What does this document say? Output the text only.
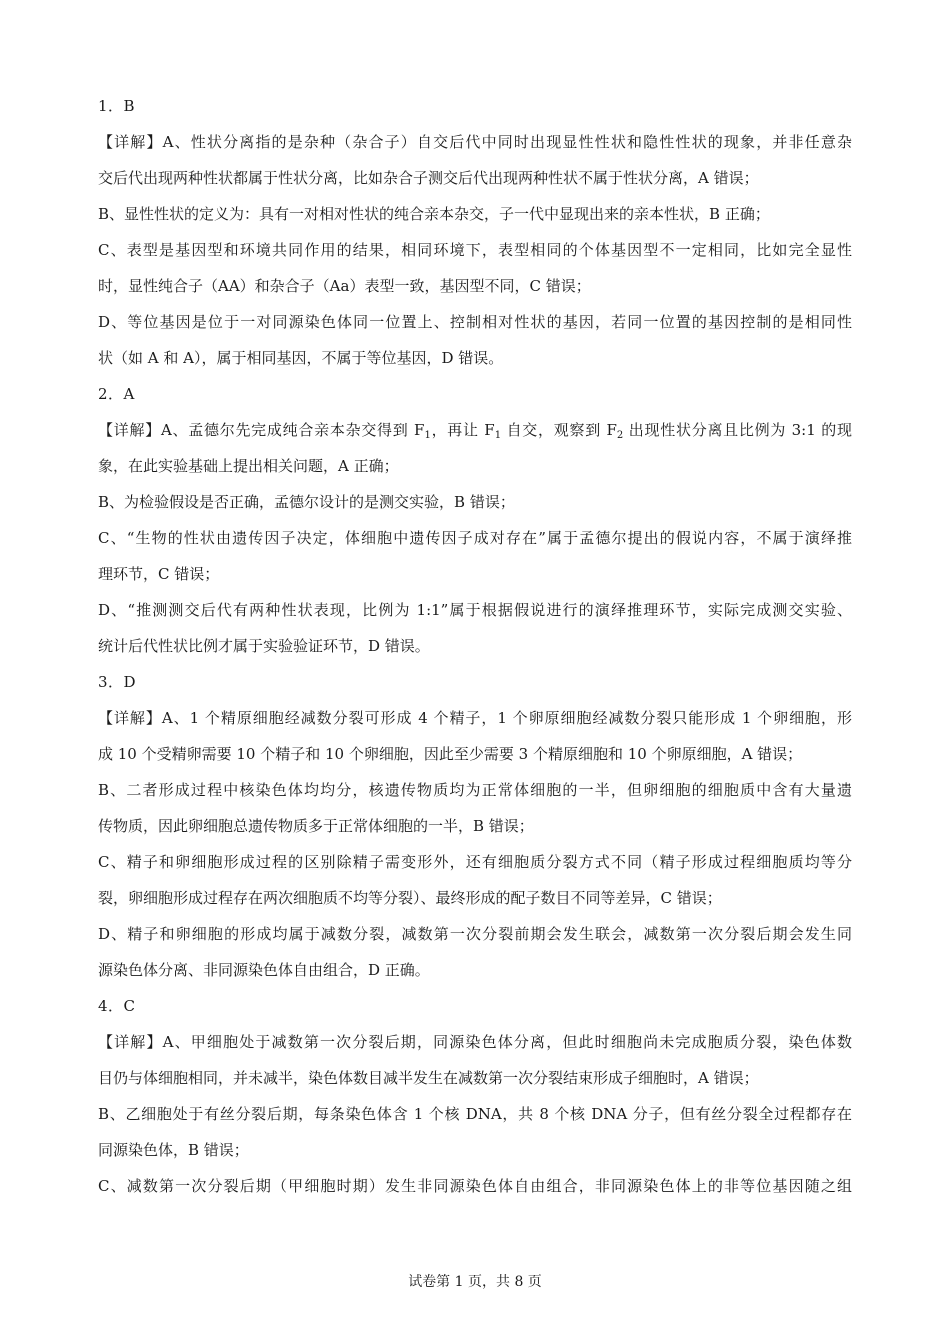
1．B
【详解】A、性状分离指的是杂种（杂合子）自交后代中同时出现显性性状和隐性性状的现象，并非任意杂
交后代出现两种性状都属于性状分离，比如杂合子测交后代出现两种性状不属于性状分离，A 错误；
B、显性性状的定义为：具有一对相对性状的纯合亲本杂交，子一代中显现出来的亲本性状，B 正确；
C、表型是基因型和环境共同作用的结果，相同环境下，表型相同的个体基因型不一定相同，比如完全显性
时，显性纯合子（AA）和杂合子（Aa）表型一致，基因型不同，C 错误；
D、等位基因是位于一对同源染色体同一位置上、控制相对性状的基因，若同一位置的基因控制的是相同性
状（如 A 和 A），属于相同基因，不属于等位基因，D 错误。
2．A
【详解】A、孟德尔先完成纯合亲本杂交得到 $F_1$，再让 $F_1$ 自交，观察到 $F_2$ 出现性状分离且比例为 3:1 的现
象，在此实验基础上提出相关问题，A 正确；
B、为检验假设是否正确，孟德尔设计的是测交实验，B 错误；
C、“生物的性状由遗传因子决定，体细胞中遗传因子成对存在”属于孟德尔提出的假说内容，不属于演绎推
理环节，C 错误；
D、“推测测交后代有两种性状表现，比例为 1:1”属于根据假说进行的演绎推理环节，实际完成测交实验、
统计后代性状比例才属于实验验证环节，D 错误。
3．D
【详解】A、1 个精原细胞经减数分裂可形成 4 个精子，1 个卵原细胞经减数分裂只能形成 1 个卵细胞，形
成 10 个受精卵需要 10 个精子和 10 个卵细胞，因此至少需要 3 个精原细胞和 10 个卵原细胞，A 错误；
B、二者形成过程中核染色体均均分，核遗传物质均为正常体细胞的一半，但卵细胞的细胞质中含有大量遗
传物质，因此卵细胞总遗传物质多于正常体细胞的一半，B 错误；
C、精子和卵细胞形成过程的区别除精子需变形外，还有细胞质分裂方式不同（精子形成过程细胞质均等分
裂，卵细胞形成过程存在两次细胞质不均等分裂）、最终形成的配子数目不同等差异，C 错误；
D、精子和卵细胞的形成均属于减数分裂，减数第一次分裂前期会发生联会，减数第一次分裂后期会发生同
源染色体分离、非同源染色体自由组合，D 正确。
4．C
【详解】A、甲细胞处于减数第一次分裂后期，同源染色体分离，但此时细胞尚未完成胞质分裂，染色体数
目仍与体细胞相同，并未减半，染色体数目减半发生在减数第一次分裂结束形成子细胞时，A 错误；
B、乙细胞处于有丝分裂后期，每条染色体含 1 个核 DNA，共 8 个核 DNA 分子，但有丝分裂全过程都存在
同源染色体，B 错误；
C、减数第一次分裂后期（甲细胞时期）发生非同源染色体自由组合，非同源染色体上的非等位基因随之组
试卷第 1 页，共 8 页
